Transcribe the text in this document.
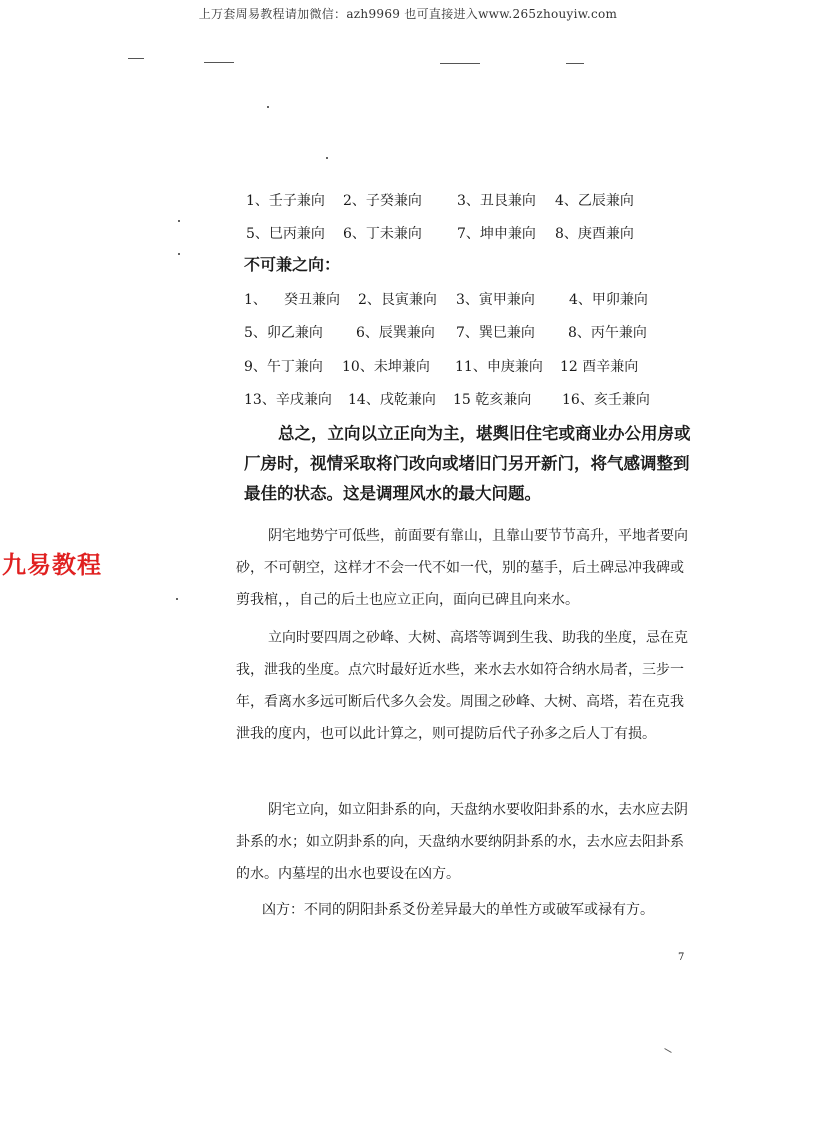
上万套周易教程请加微信：azh9969 也可直接进入www.265zhouyiw.com
九易教程
1、壬子兼向 2、子癸兼向	3、丑艮兼向 4、乙辰兼向
5、巳丙兼向 6、丁未兼向	7、坤申兼向 8、庚酉兼向
不可兼之向：
1、 癸丑兼向 2、艮寅兼向 3、寅甲兼向 4、甲卯兼向
5、卯乙兼向 6、辰巽兼向 7、巽巳兼向 8、丙午兼向
9、午丁兼向 10、未坤兼向 11、申庚兼向 12 酉辛兼向
13、辛戌兼向 14、戌乾兼向 15 乾亥兼向 16、亥壬兼向
总之，立向以立正向为主，堪舆旧住宅或商业办公用房或厂房时，视情采取将门改向或堵旧门另开新门，将气感调整到最佳的状态。这是调理风水的最大问题。
阴宅地势宁可低些，前面要有靠山，且靠山要节节高升，平地者要向砂，不可朝空，这样才不会一代不如一代，别的墓手，后土碑忌冲我碑或剪我棺，，自己的后土也应立正向，面向已碑且向来水。
立向时要四周之砂峰、大树、高塔等调到生我、助我的坐度，忌在克我，泄我的坐度。点穴时最好近水些，来水去水如符合纳水局者，三步一年，看离水多远可断后代多久会发。周围之砂峰、大树、高塔，若在克我泄我的度内，也可以此计算之，则可提防后代子孙多之后人丁有损。
阴宅立向，如立阳卦系的向，天盘纳水要收阳卦系的水，去水应去阴卦系的水；如立阴卦系的向，天盘纳水要纳阴卦系的水，去水应去阳卦系的水。内墓埕的出水也要设在凶方。
凶方：不同的阴阳卦系爻份差异最大的单性方或破军或禄有方。
7
